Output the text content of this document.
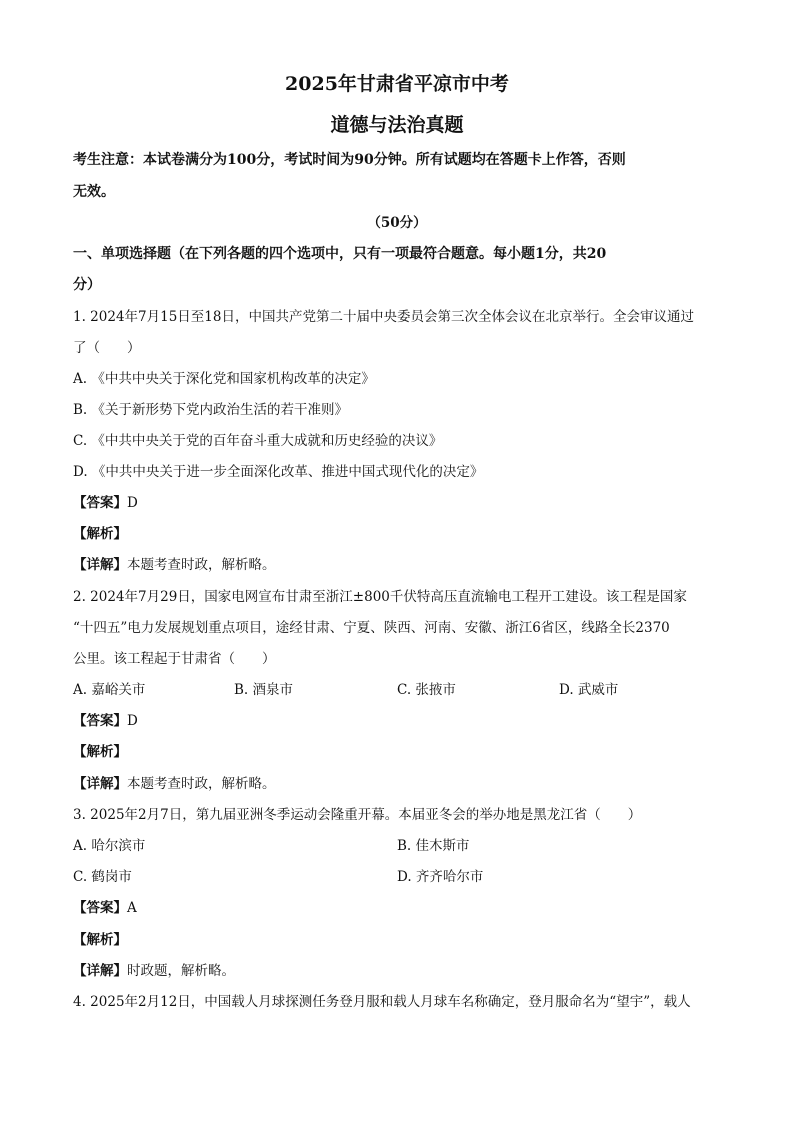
2025年甘肃省平凉市中考
道德与法治真题
考生注意：本试卷满分为100分，考试时间为90分钟。所有试题均在答题卡上作答，否则
无效。
（50分）
一、单项选择题（在下列各题的四个选项中，只有一项最符合题意。每小题1分，共20
分）
1. 2024年7月15日至18日，中国共产党第二十届中央委员会第三次全体会议在北京举行。全会审议通过
了（　　）
A. 《中共中央关于深化党和国家机构改革的决定》
B. 《关于新形势下党内政治生活的若干准则》
C. 《中共中央关于党的百年奋斗重大成就和历史经验的决议》
D. 《中共中央关于进一步全面深化改革、推进中国式现代化的决定》
【答案】D
【解析】
【详解】本题考查时政，解析略。
2. 2024年7月29日，国家电网宣布甘肃至浙江±800千伏特高压直流输电工程开工建设。该工程是国家
“十四五”电力发展规划重点项目，途经甘肃、宁夏、陕西、河南、安徽、浙江6省区，线路全长2370
公里。该工程起于甘肃省（　　）
A. 嘉峪关市	B. 酒泉市	C. 张掖市	D. 武威市
【答案】D
【解析】
【详解】本题考查时政，解析略。
3. 2025年2月7日，第九届亚洲冬季运动会隆重开幕。本届亚冬会的举办地是黑龙江省（　　）
A. 哈尔滨市	B. 佳木斯市
C. 鹤岗市	D. 齐齐哈尔市
【答案】A
【解析】
【详解】时政题，解析略。
4. 2025年2月12日，中国载人月球探测任务登月服和载人月球车名称确定，登月服命名为“望宇”，载人
